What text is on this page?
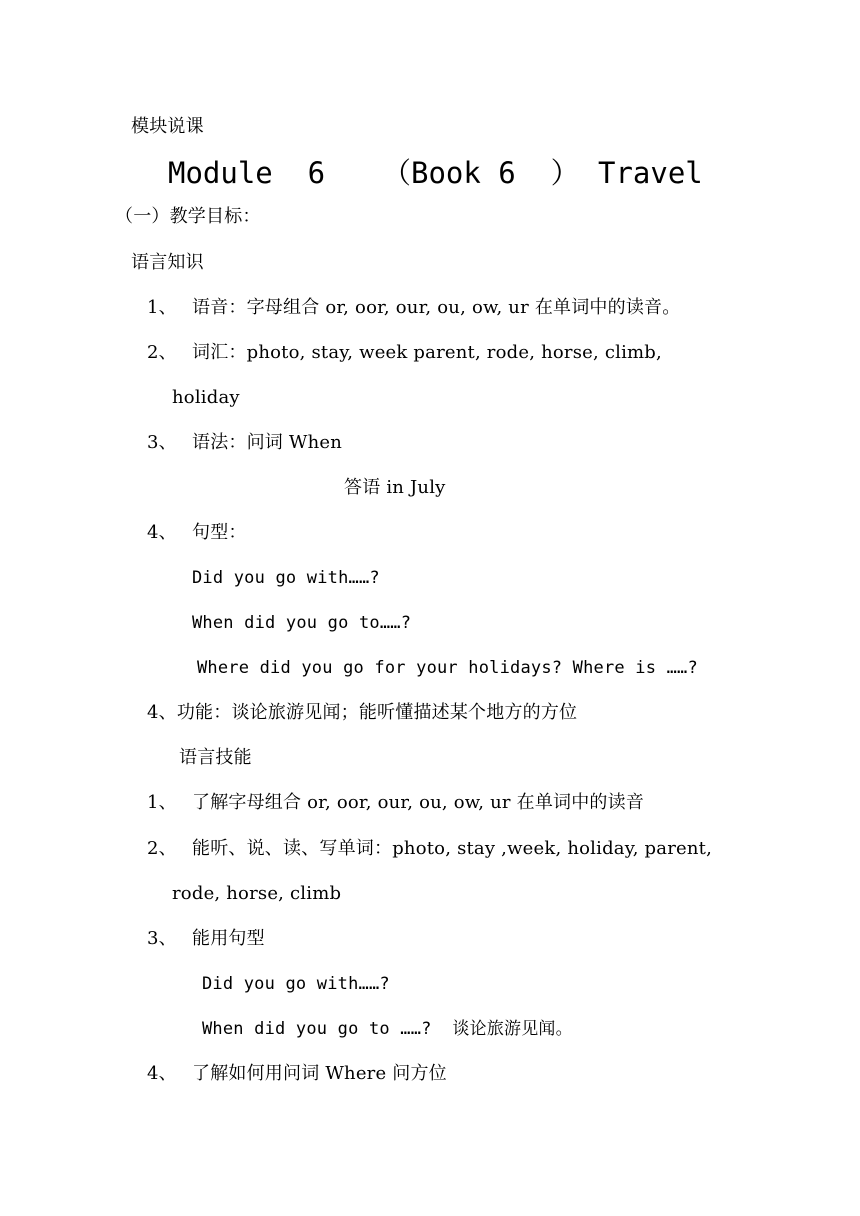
模块说课
Module  6 （Book 6  ） Travel
（一）教学目标：
语言知识
1、 语音：字母组合 or, oor, our, ou, ow, ur 在单词中的读音。
2、 词汇：photo, stay, week parent, rode, horse, climb,
holiday
3、 语法：问词 When
答语 in July
4、 句型：
Did you go with……?
When did you go to……?
Where did you go for your holidays? Where is ……?
4、功能：谈论旅游见闻；能听懂描述某个地方的方位
语言技能
1、 了解字母组合 or, oor, our, ou, ow, ur 在单词中的读音
2、 能听、说、读、写单词：photo, stay ,week, holiday, parent,
rode, horse, climb
3、 能用句型
Did you go with……?
When did you go to ……?  谈论旅游见闻。
4、 了解如何用问词 Where 问方位
